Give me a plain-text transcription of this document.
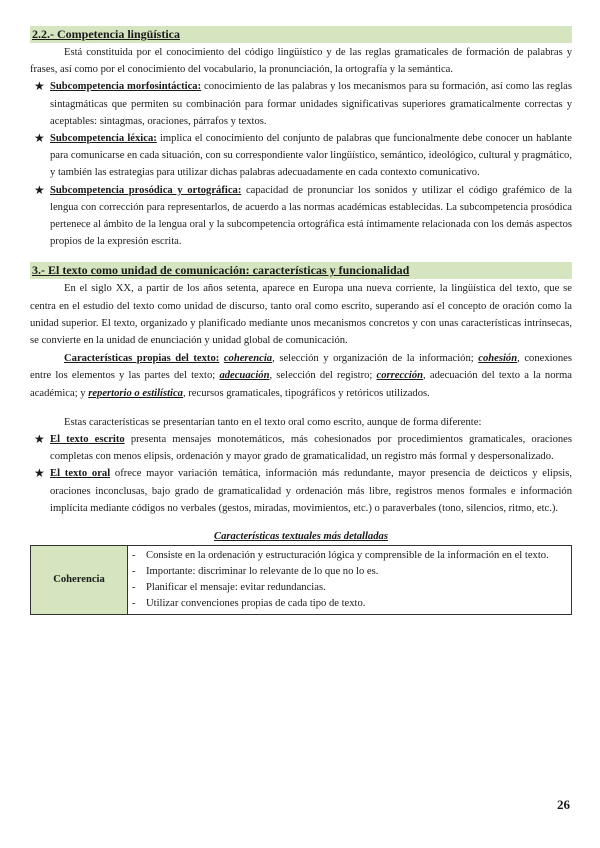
2.2.- Competencia lingüística

Está constituida por el conocimiento del código lingüístico y de las reglas gramaticales de formación de palabras y frases, así como por el conocimiento del vocabulario, la pronunciación, la ortografía y la semántica.

★ Subcompetencia morfosintáctica: conocimiento de las palabras y los mecanismos para su formación, así como las reglas sintagmáticas que permiten su combinación para formar unidades significativas superiores gramaticalmente correctas y aceptables: sintagmas, oraciones, párrafos y textos.
★ Subcompetencia léxica: implica el conocimiento del conjunto de palabras que funcionalmente debe conocer un hablante para comunicarse en cada situación, con su correspondiente valor lingüístico, semántico, ideológico, cultural y pragmático, y también las estrategias para utilizar dichas palabras adecuadamente en cada contexto comunicativo.
★ Subcompetencia prosódica y ortográfica: capacidad de pronunciar los sonidos y utilizar el código grafémico de la lengua con corrección para representarlos, de acuerdo a las normas académicas establecidas. La subcompetencia prosódica pertenece al ámbito de la lengua oral y la subcompetencia ortográfica está íntimamente relacionada con los demás aspectos propios de la expresión escrita.

3.- El texto como unidad de comunicación: características y funcionalidad

En el siglo XX, a partir de los años setenta, aparece en Europa una nueva corriente, la lingüística del texto, que se centra en el estudio del texto como unidad de discurso, tanto oral como escrito, superando así el concepto de oración como la unidad superior. El texto, organizado y planificado mediante unos mecanismos concretos y con unas características intrínsecas, se convierte en la unidad de enunciación y unidad global de comunicación.

Características propias del texto: coherencia, selección y organización de la información; cohesión, conexiones entre los elementos y las partes del texto; adecuación, selección del registro; corrección, adecuación del texto a la norma académica; y repertorio o estilística, recursos gramaticales, tipográficos y retóricos utilizados.

Estas características se presentarían tanto en el texto oral como escrito, aunque de forma diferente:

★ El texto escrito presenta mensajes monotemáticos, más cohesionados por procedimientos gramaticales, oraciones completas con menos elipsis, ordenación y mayor grado de gramaticalidad, un registro más formal y despersonalizado.
★ El texto oral ofrece mayor variación temática, información más redundante, mayor presencia de deícticos y elipsis, oraciones inconclusas, bajo grado de gramaticalidad y ordenación más libre, registros menos formales e información implícita mediante códigos no verbales (gestos, miradas, movimientos, etc.) o paraverbales (tono, silencios, ritmo, etc.).

Características textuales más detalladas

Coherencia	
- Consiste en la ordenación y estructuración lógica y comprensible de la información en el texto.
- Importante: discriminar lo relevante de lo que no lo es.
- Planificar el mensaje: evitar redundancias.
- Utilizar convenciones propias de cada tipo de texto.
26
